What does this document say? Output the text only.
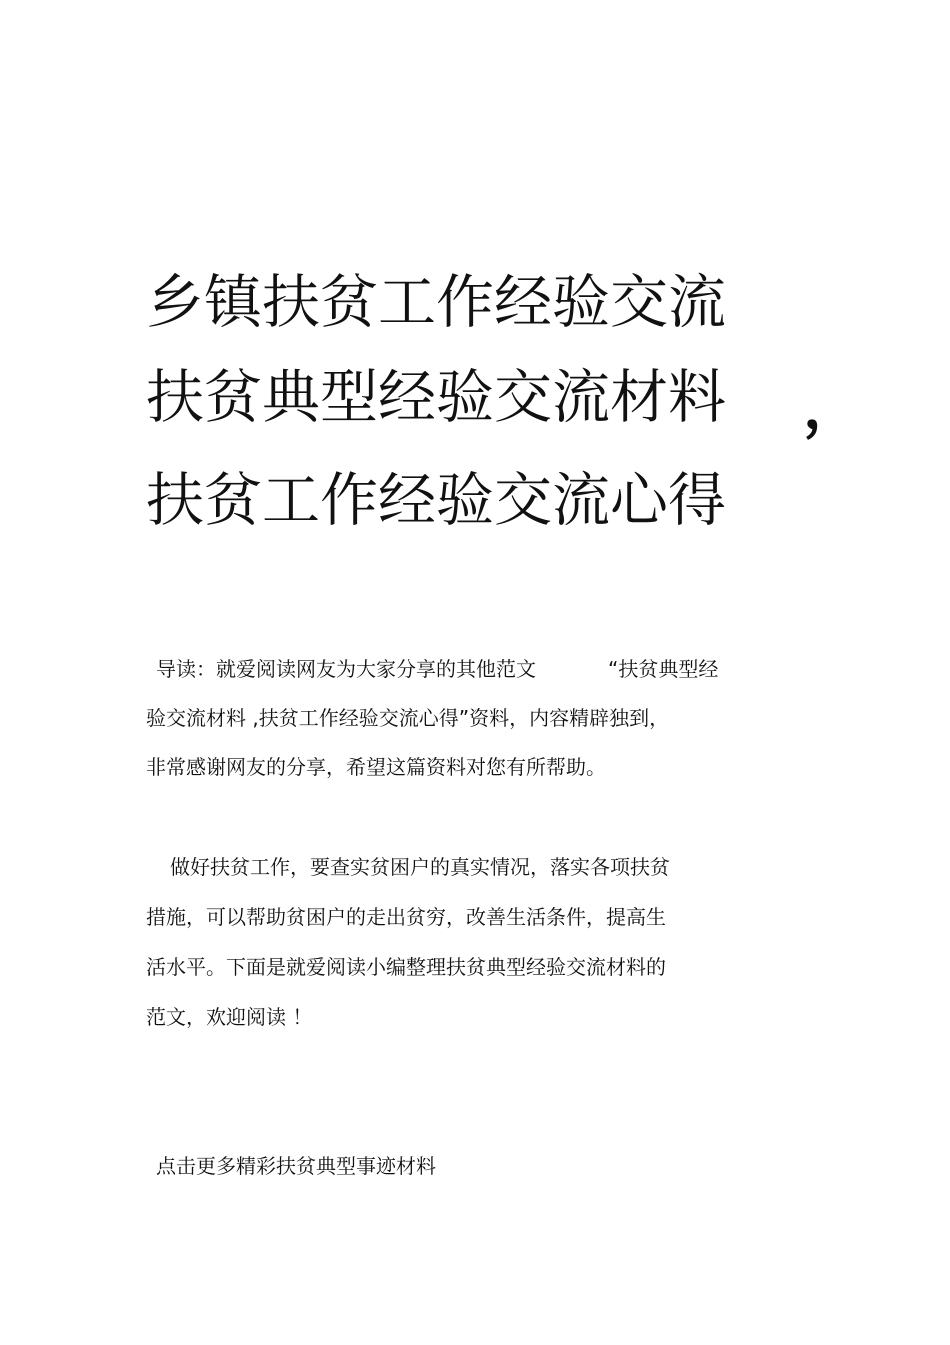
乡镇扶贫工作经验交流
扶贫典型经验交流材料 ，
扶贫工作经验交流心得
导读：就爱阅读网友为大家分享的其他范文	“扶贫典型经
验交流材料 ,扶贫工作经验交流心得”资料，内容精辟独到，
非常感谢网友的分享，希望这篇资料对您有所帮助。
做好扶贫工作，要查实贫困户的真实情况，落实各项扶贫
措施，可以帮助贫困户的走出贫穷，改善生活条件，提高生
活水平。下面是就爱阅读小编整理扶贫典型经验交流材料的
范文，欢迎阅读 ！
点击更多精彩扶贫典型事迹材料
